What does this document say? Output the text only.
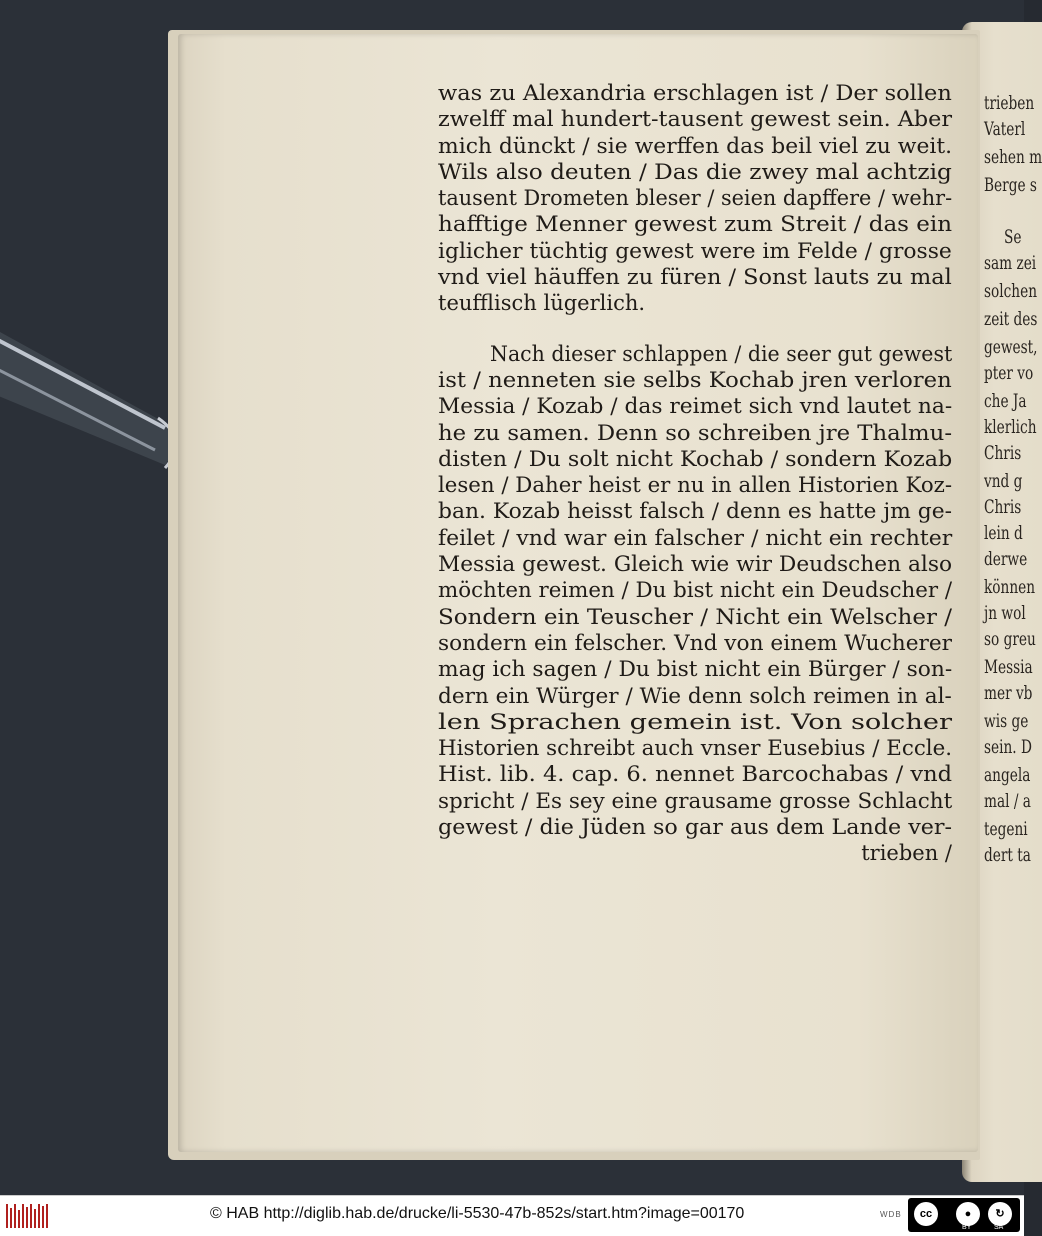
trieben
Vaterl
sehen m
Berge s
Se
sam zei
solchen
zeit des
gewest,
pter vo
che Ja
klerlich
Chris
vnd g
Chris
lein d
derwe
können
jn wol
so greu
Messia
mer vb
wis ge
sein. D
angela
mal / a
tegeni
dert ta
was zu Alexandria erschlagen ist / Der sollen
zwelff mal hundert-tausent gewest sein. Aber
mich dünckt / sie werffen das beil viel zu weit.
Wils also deuten / Das die zwey mal achtzig
tausent Drometen bleser / seien dapffere / wehr-
hafftige Menner gewest zum Streit / das ein
iglicher tüchtig gewest were im Felde / grosse
vnd viel häuffen zu füren / Sonst lauts zu mal
teufflisch lügerlich.
Nach dieser schlappen / die seer gut gewest
ist / nenneten sie selbs Kochab jren verloren
Messia / Kozab / das reimet sich vnd lautet na-
he zu samen. Denn so schreiben jre Thalmu-
disten / Du solt nicht Kochab / sondern Kozab
lesen / Daher heist er nu in allen Historien Koz-
ban. Kozab heisst falsch / denn es hatte jm ge-
feilet / vnd war ein falscher / nicht ein rechter
Messia gewest. Gleich wie wir Deudschen also
möchten reimen / Du bist nicht ein Deudscher /
Sondern ein Teuscher / Nicht ein Welscher /
sondern ein felscher. Vnd von einem Wucherer
mag ich sagen / Du bist nicht ein Bürger / son-
dern ein Würger / Wie denn solch reimen in al-
len Sprachen gemein ist. Von solcher
Historien schreibt auch vnser Eusebius / Eccle.
Hist. lib. 4. cap. 6. nennet Barcochabas / vnd
spricht / Es sey eine grausame grosse Schlacht
gewest / die Jüden so gar aus dem Lande ver-
trieben /
© HAB http://diglib.hab.de/drucke/li-5530-47b-852s/start.htm?image=00170	WDB	cc	●	↻
BY	SA
